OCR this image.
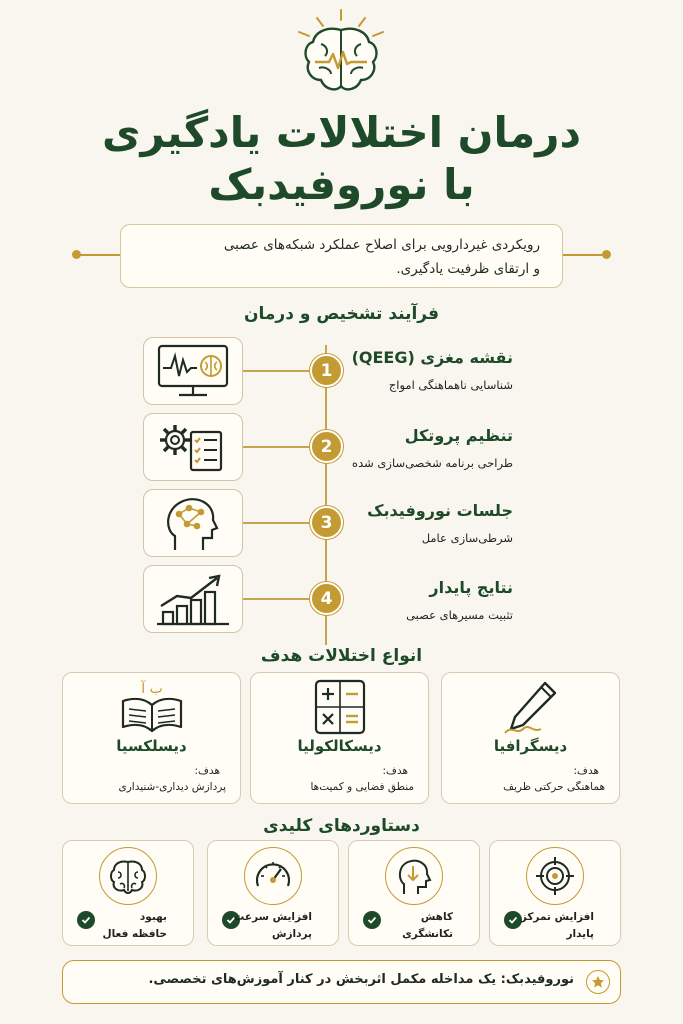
درمان اختلالات یادگیری
با نوروفیدبک

رویکردی غیردارویی برای اصلاح عملکرد شبکه‌های عصبی

و ارتقای ظرفیت یادگیری.

فرآیند تشخیص و درمان
1
نقشه مغزی (QEEG)
شناسایی ناهماهنگی امواج
2
تنظیم پروتکل
طراحی برنامه شخصی‌سازی شده
3
جلسات نوروفیدبک
شرطی‌سازی عامل
4
نتایج پایدار
تثبیت مسیرهای عصبی
انواع اختلالات هدف
دیسگرافیا
هدف:
هماهنگی حرکتی ظریف
دیسکالکولیا
هدف:
منطق فضایی و کمیت‌ها
ب آ
دیسلکسیا
هدف:
پردازش دیداری-شنیداری
دستاوردهای کلیدی
افزایش تمرکز
پایدار
کاهش
تکانشگری
افزایش سرعت
پردازش
بهبود
حافظه فعال
نوروفیدبک: یک مداخله مکمل اثربخش در کنار آموزش‌های تخصصی.
